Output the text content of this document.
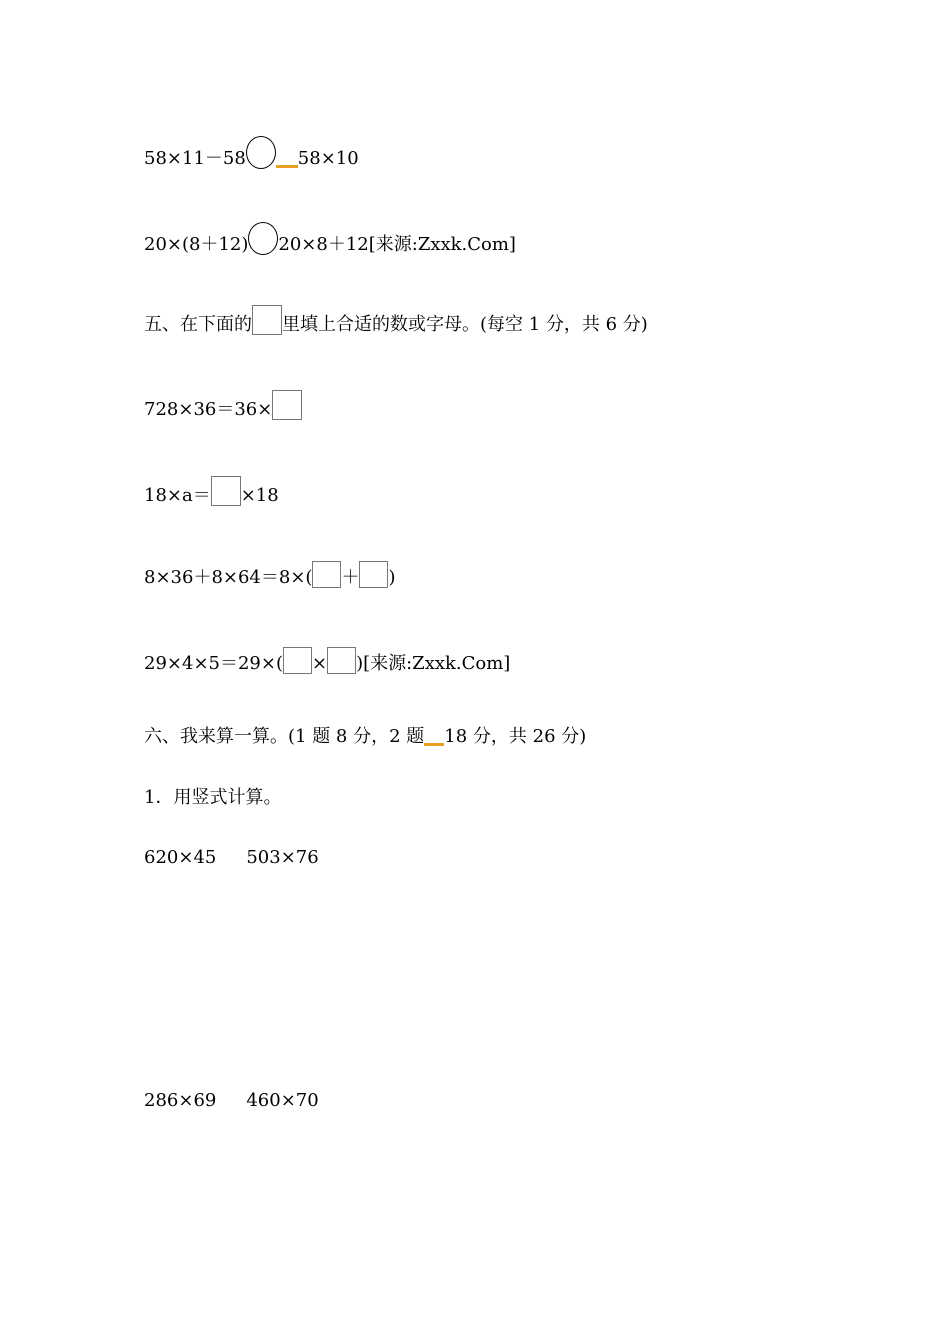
58×11－58	58×10
20×(8＋12) 20×8＋12[来源:Zxxk.Com]
五、在下面的 里填上合适的数或字母。(每空 1 分，共 6 分)
728×36＝36×
18×a＝ ×18
8×36＋8×64＝8×( ＋ )
29×4×5＝29×( × )[来源:Zxxk.Com]
六、我来算一算。(1 题 8 分，2 题 18 分，共 26 分)
1．用竖式计算。
620×45 503×76
286×69 460×70
